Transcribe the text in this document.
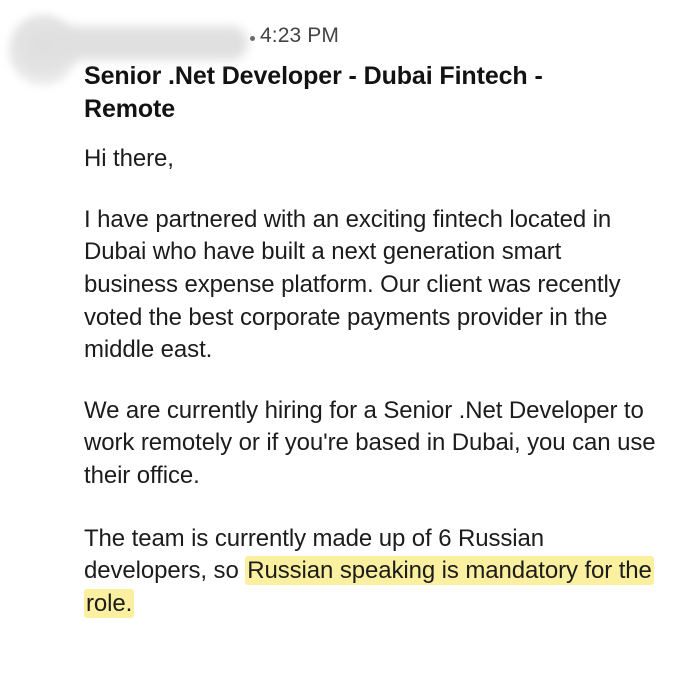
4:23 PM
Senior .Net Developer - Dubai Fintech - Remote

Hi there,

I have partnered with an exciting fintech located in Dubai who have built a next generation smart business expense platform. Our client was recently voted the best corporate payments provider in the middle east.

We are currently hiring for a Senior .Net Developer to work remotely or if you're based in Dubai, you can use their office.

The team is currently made up of 6 Russian developers, so Russian speaking is mandatory for the role.
